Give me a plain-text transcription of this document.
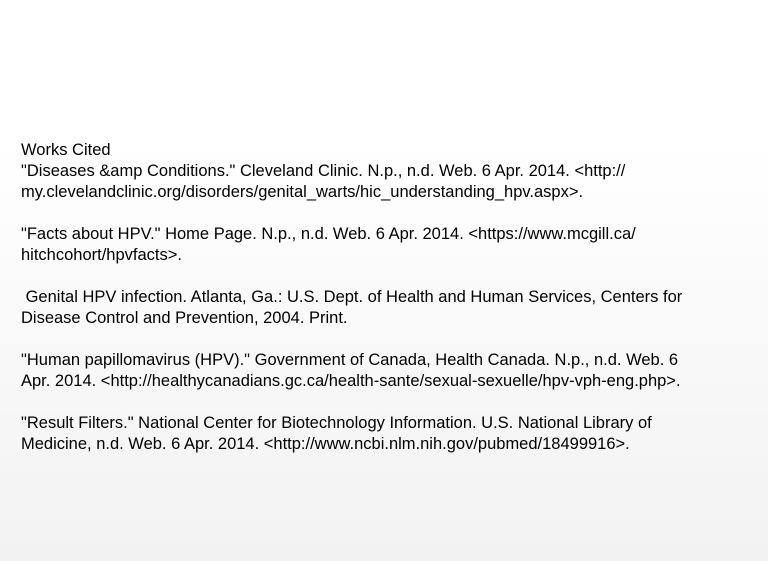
Works Cited

"Diseases &amp Conditions." Cleveland Clinic. N.p., n.d. Web. 6 Apr. 2014. <http://
my.clevelandclinic.org/disorders/genital_warts/hic_understanding_hpv.aspx>.

"Facts about HPV." Home Page. N.p., n.d. Web. 6 Apr. 2014. <https://www.mcgill.ca/
hitchcohort/hpvfacts>.

Genital HPV infection. Atlanta, Ga.: U.S. Dept. of Health and Human Services, Centers for
Disease Control and Prevention, 2004. Print.

"Human papillomavirus (HPV)." Government of Canada, Health Canada. N.p., n.d. Web. 6
Apr. 2014. <http://healthycanadians.gc.ca/health-sante/sexual-sexuelle/hpv-vph-eng.php>.

"Result Filters." National Center for Biotechnology Information. U.S. National Library of
Medicine, n.d. Web. 6 Apr. 2014. <http://www.ncbi.nlm.nih.gov/pubmed/18499916>.
